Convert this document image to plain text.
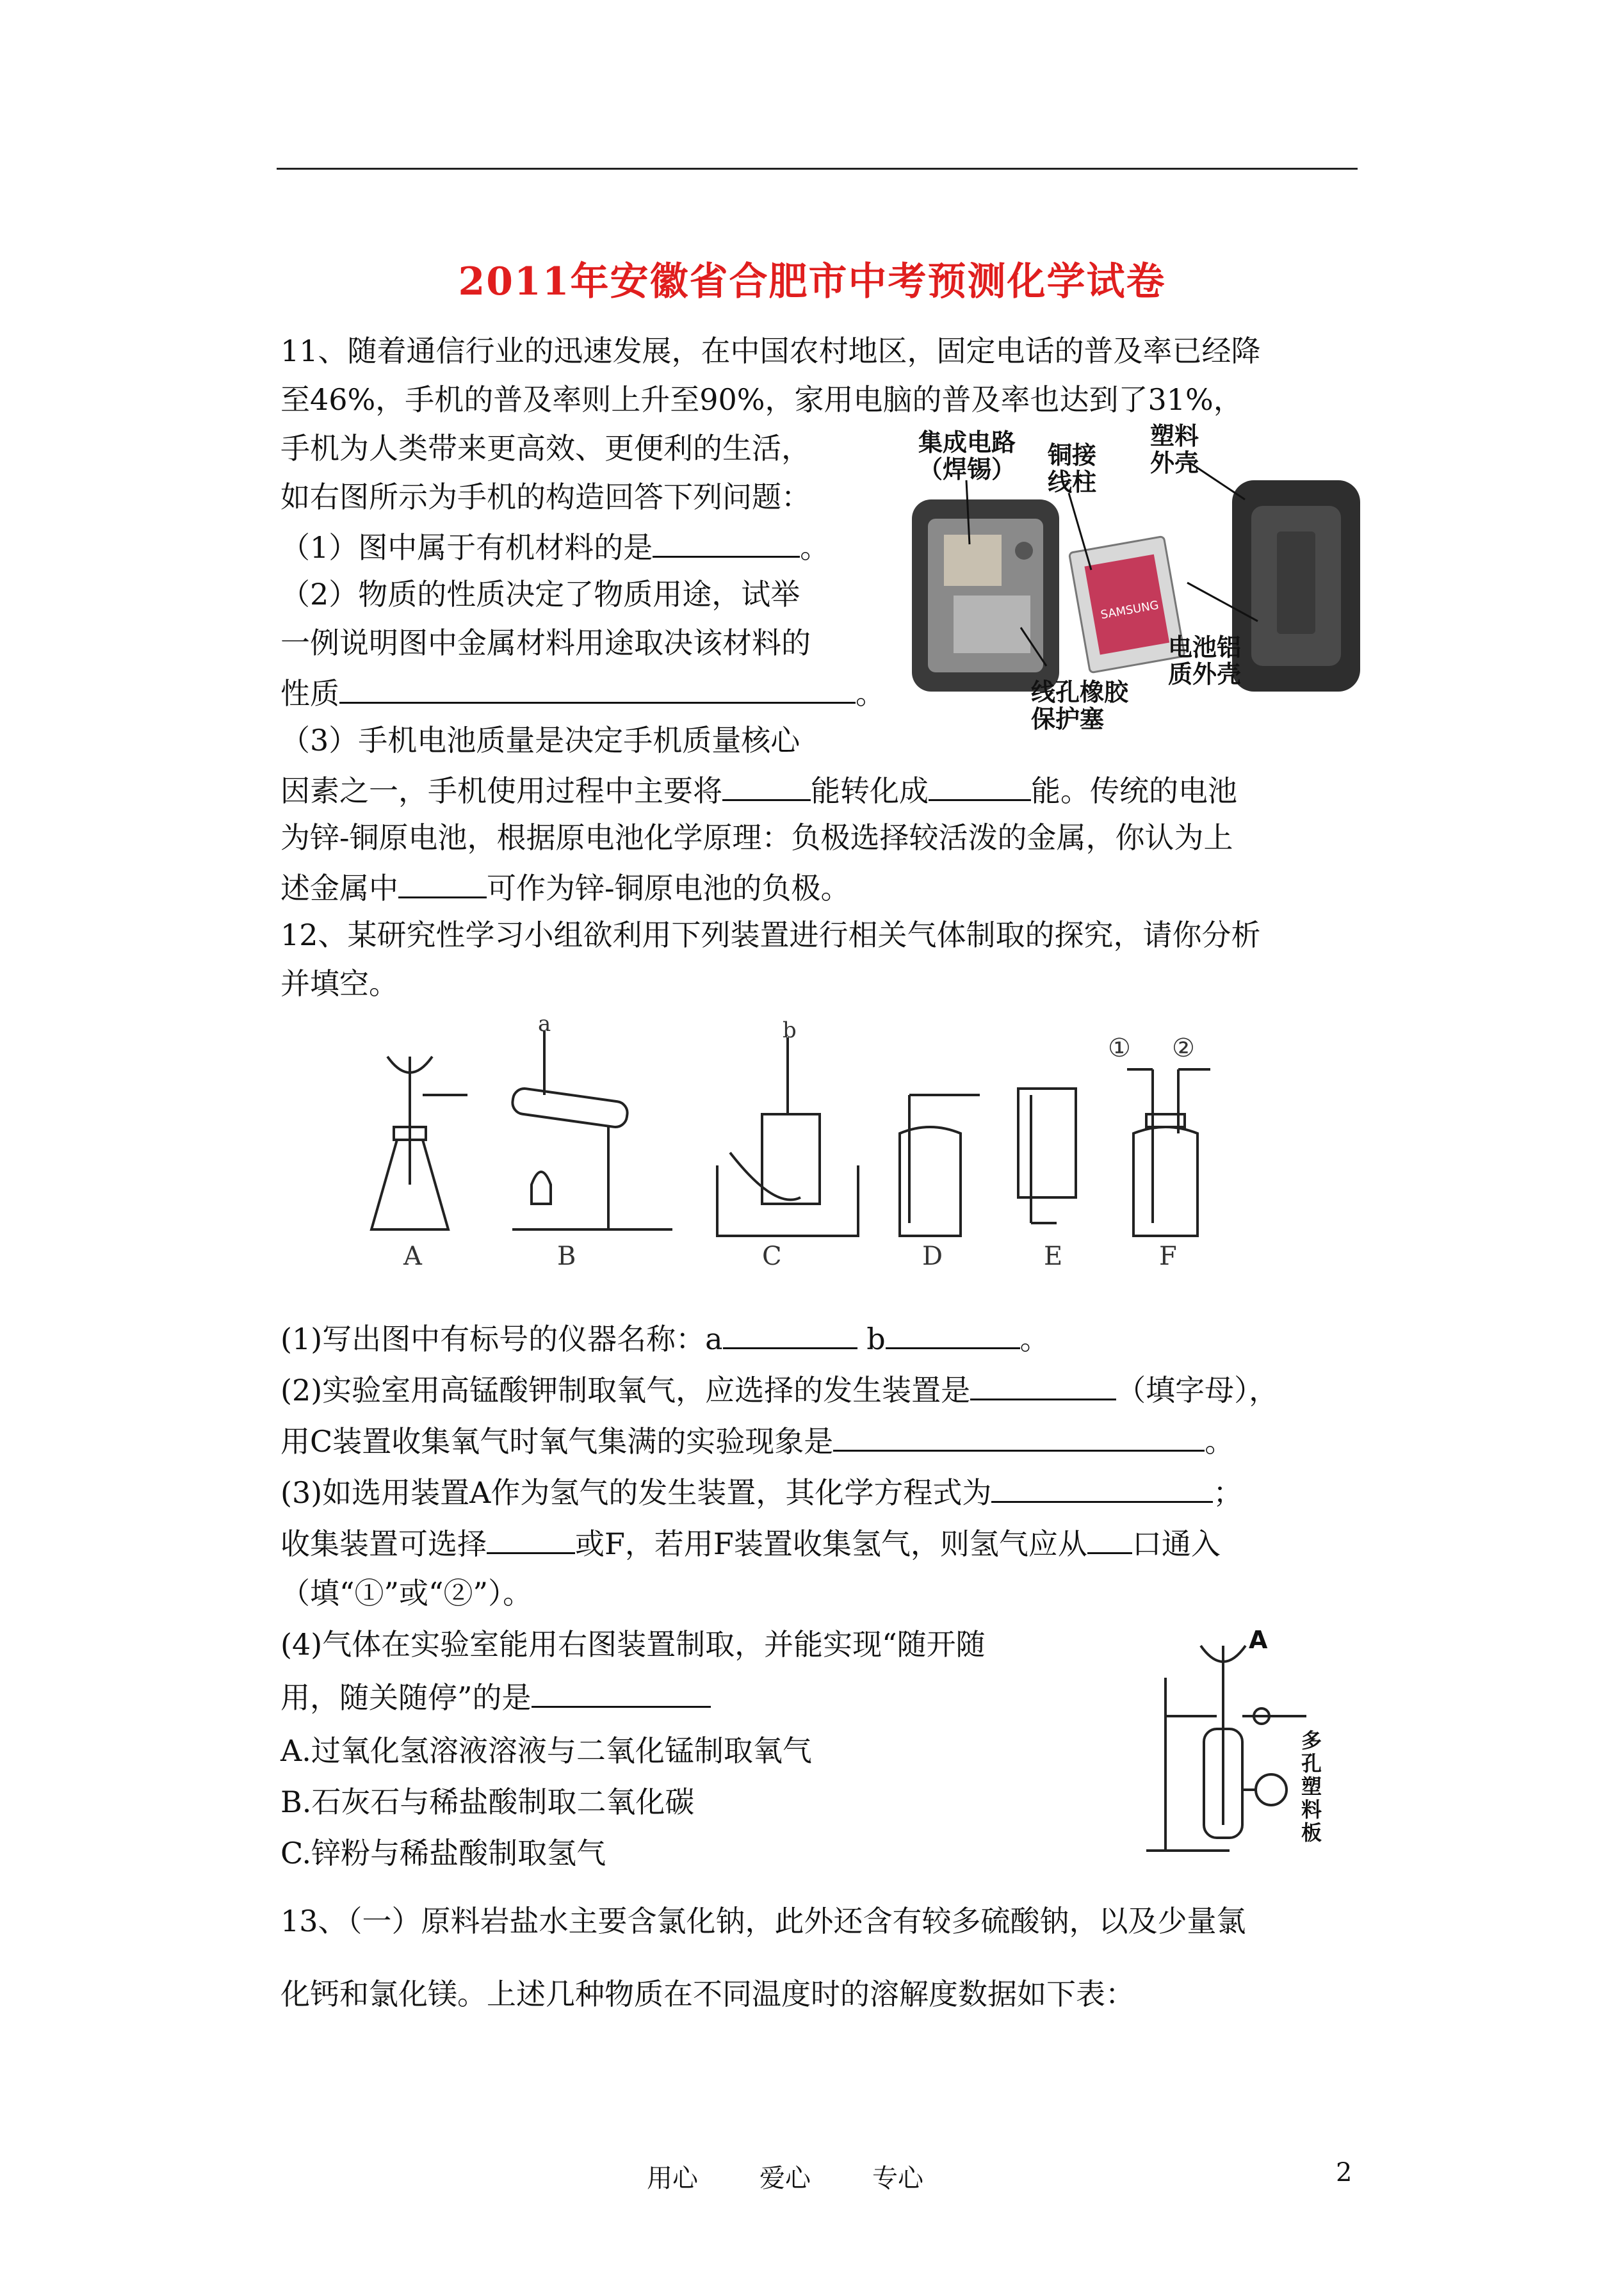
2011年安徽省合肥市中考预测化学试卷
11、随着通信行业的迅速发展，在中国农村地区，固定电话的普及率已经降
至46%，手机的普及率则上升至90%，家用电脑的普及率也达到了31%，
手机为人类带来更高效、更便利的生活，
如右图所示为手机的构造回答下列问题：
（1）图中属于有机材料的是	。
（2）物质的性质决定了物质用途，试举
一例说明图中金属材料用途取决该材料的
性质	。
（3）手机电池质量是决定手机质量核心
因素之一，手机使用过程中主要将	能转化成	能。传统的电池
为锌-铜原电池，根据原电池化学原理：负极选择较活泼的金属，你认为上
述金属中	可作为锌-铜原电池的负极。
SAMSUNG
集成电路
（焊锡） 铜接
线柱
塑料
外壳
电池铝
质外壳
线孔橡胶
保护塞
12、某研究性学习小组欲利用下列装置进行相关气体制取的探究，请你分析
并填空。
A	B	C	D	E	F
a	b
① ②
(1)写出图中有标号的仪器名称：a	b	。
(2)实验室用高锰酸钾制取氧气，应选择的发生装置是	（填字母），
用C装置收集氧气时氧气集满的实验现象是	。
(3)如选用装置A作为氢气的发生装置，其化学方程式为	；
收集装置可选择	或F，若用F装置收集氢气，则氢气应从 口通入
（填“①”或“②”）。
(4)气体在实验室能用右图装置制取，并能实现“随开随
用，随关随停”的是
A.过氧化氢溶液溶液与二氧化锰制取氧气
B.石灰石与稀盐酸制取二氧化碳
C.锌粉与稀盐酸制取氢气
A
多
孔
塑
料
板
13、（一）原料岩盐水主要含氯化钠，此外还含有较多硫酸钠，以及少量氯
化钙和氯化镁。上述几种物质在不同温度时的溶解度数据如下表：
用心 爱心 专心	2
